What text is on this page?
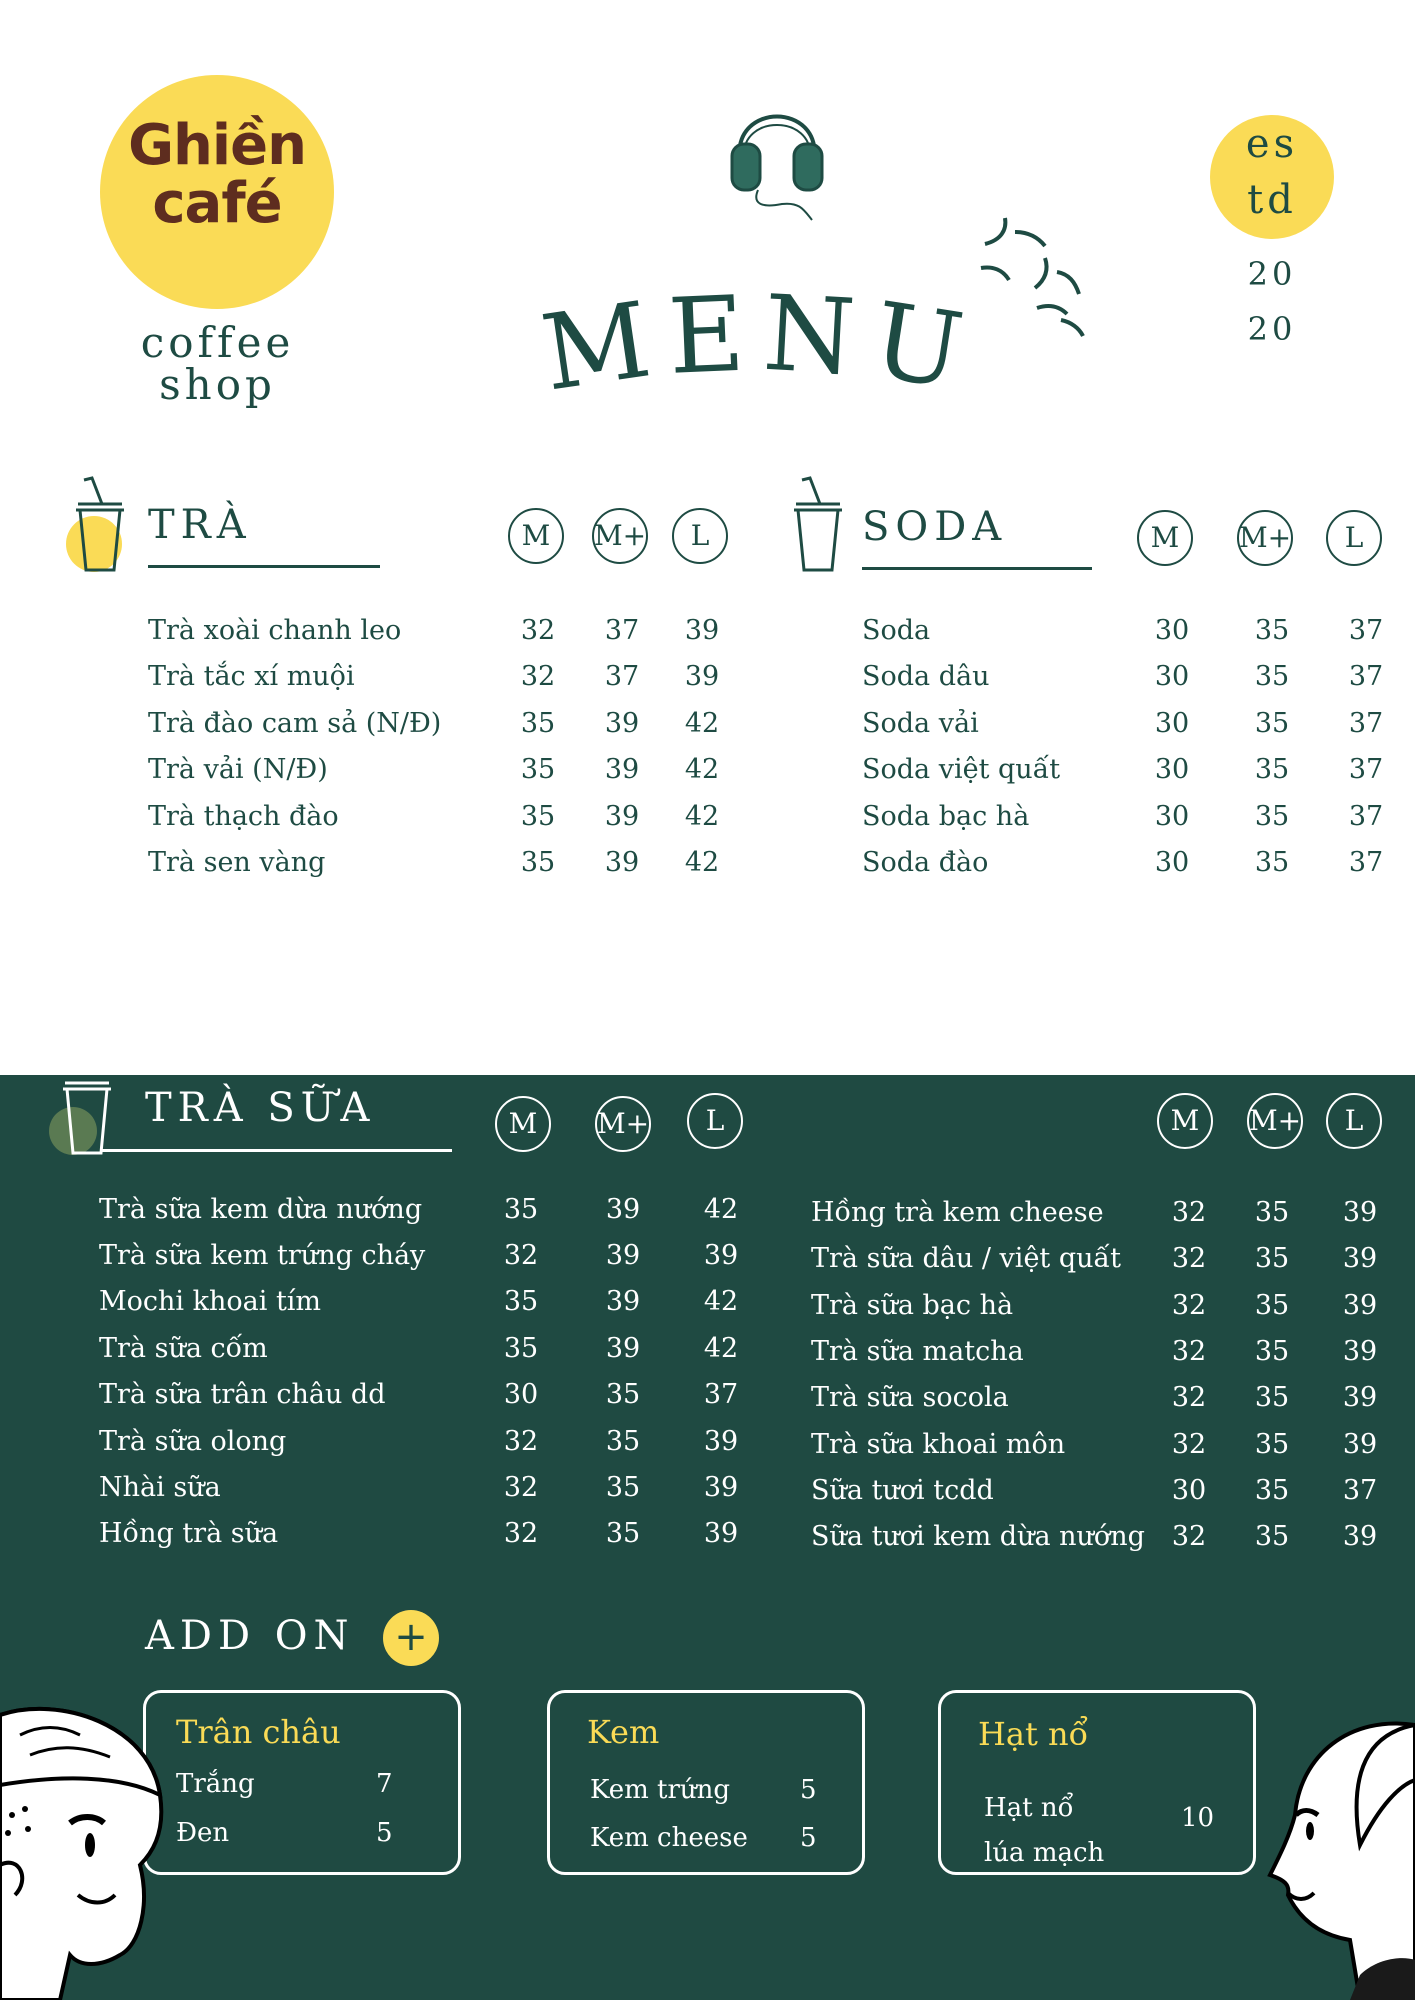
Ghiền
café
coffee
shop
es
td
20
20
MENU
TRÀ	M	M+	L
Trà xoài chanh leo	32	37	39
Trà tắc xí muội	32	37	39
Trà đào cam sả (N/Đ)	35	39	42
Trà vải (N/Đ)	35	39	42
Trà thạch đào	35	39	42
Trà sen vàng	35	39	42
SODA	M	M+	L
Soda	30	35	37
Soda dâu	30	35	37
Soda vải	30	35	37
Soda việt quất	30	35	37
Soda bạc hà	30	35	37
Soda đào	30	35	37
TRÀ SỮA	M	M+	L	M	M+	L
Trà sữa kem dừa nướng	35	39	42
Trà sữa kem trứng cháy	32	39	39
Mochi khoai tím	35	39	42
Trà sữa cốm	35	39	42
Trà sữa trân châu dd	30	35	37
Trà sữa olong	32	35	39
Nhài sữa	32	35	39
Hồng trà sữa	32	35	39
Hồng trà kem cheese	32	35	39
Trà sữa dâu / việt quất	32	35	39
Trà sữa bạc hà	32	35	39
Trà sữa matcha	32	35	39
Trà sữa socola	32	35	39
Trà sữa khoai môn	32	35	39
Sữa tươi tcdd	30	35	37
Sữa tươi kem dừa nướng 32	35	39
ADD ON +
Trân châu
Trắng	7
Đen	5
Kem
Kem trứng	5
Kem cheese 5
Hạt nổ
Hạt nổ
lúa mạch
10
